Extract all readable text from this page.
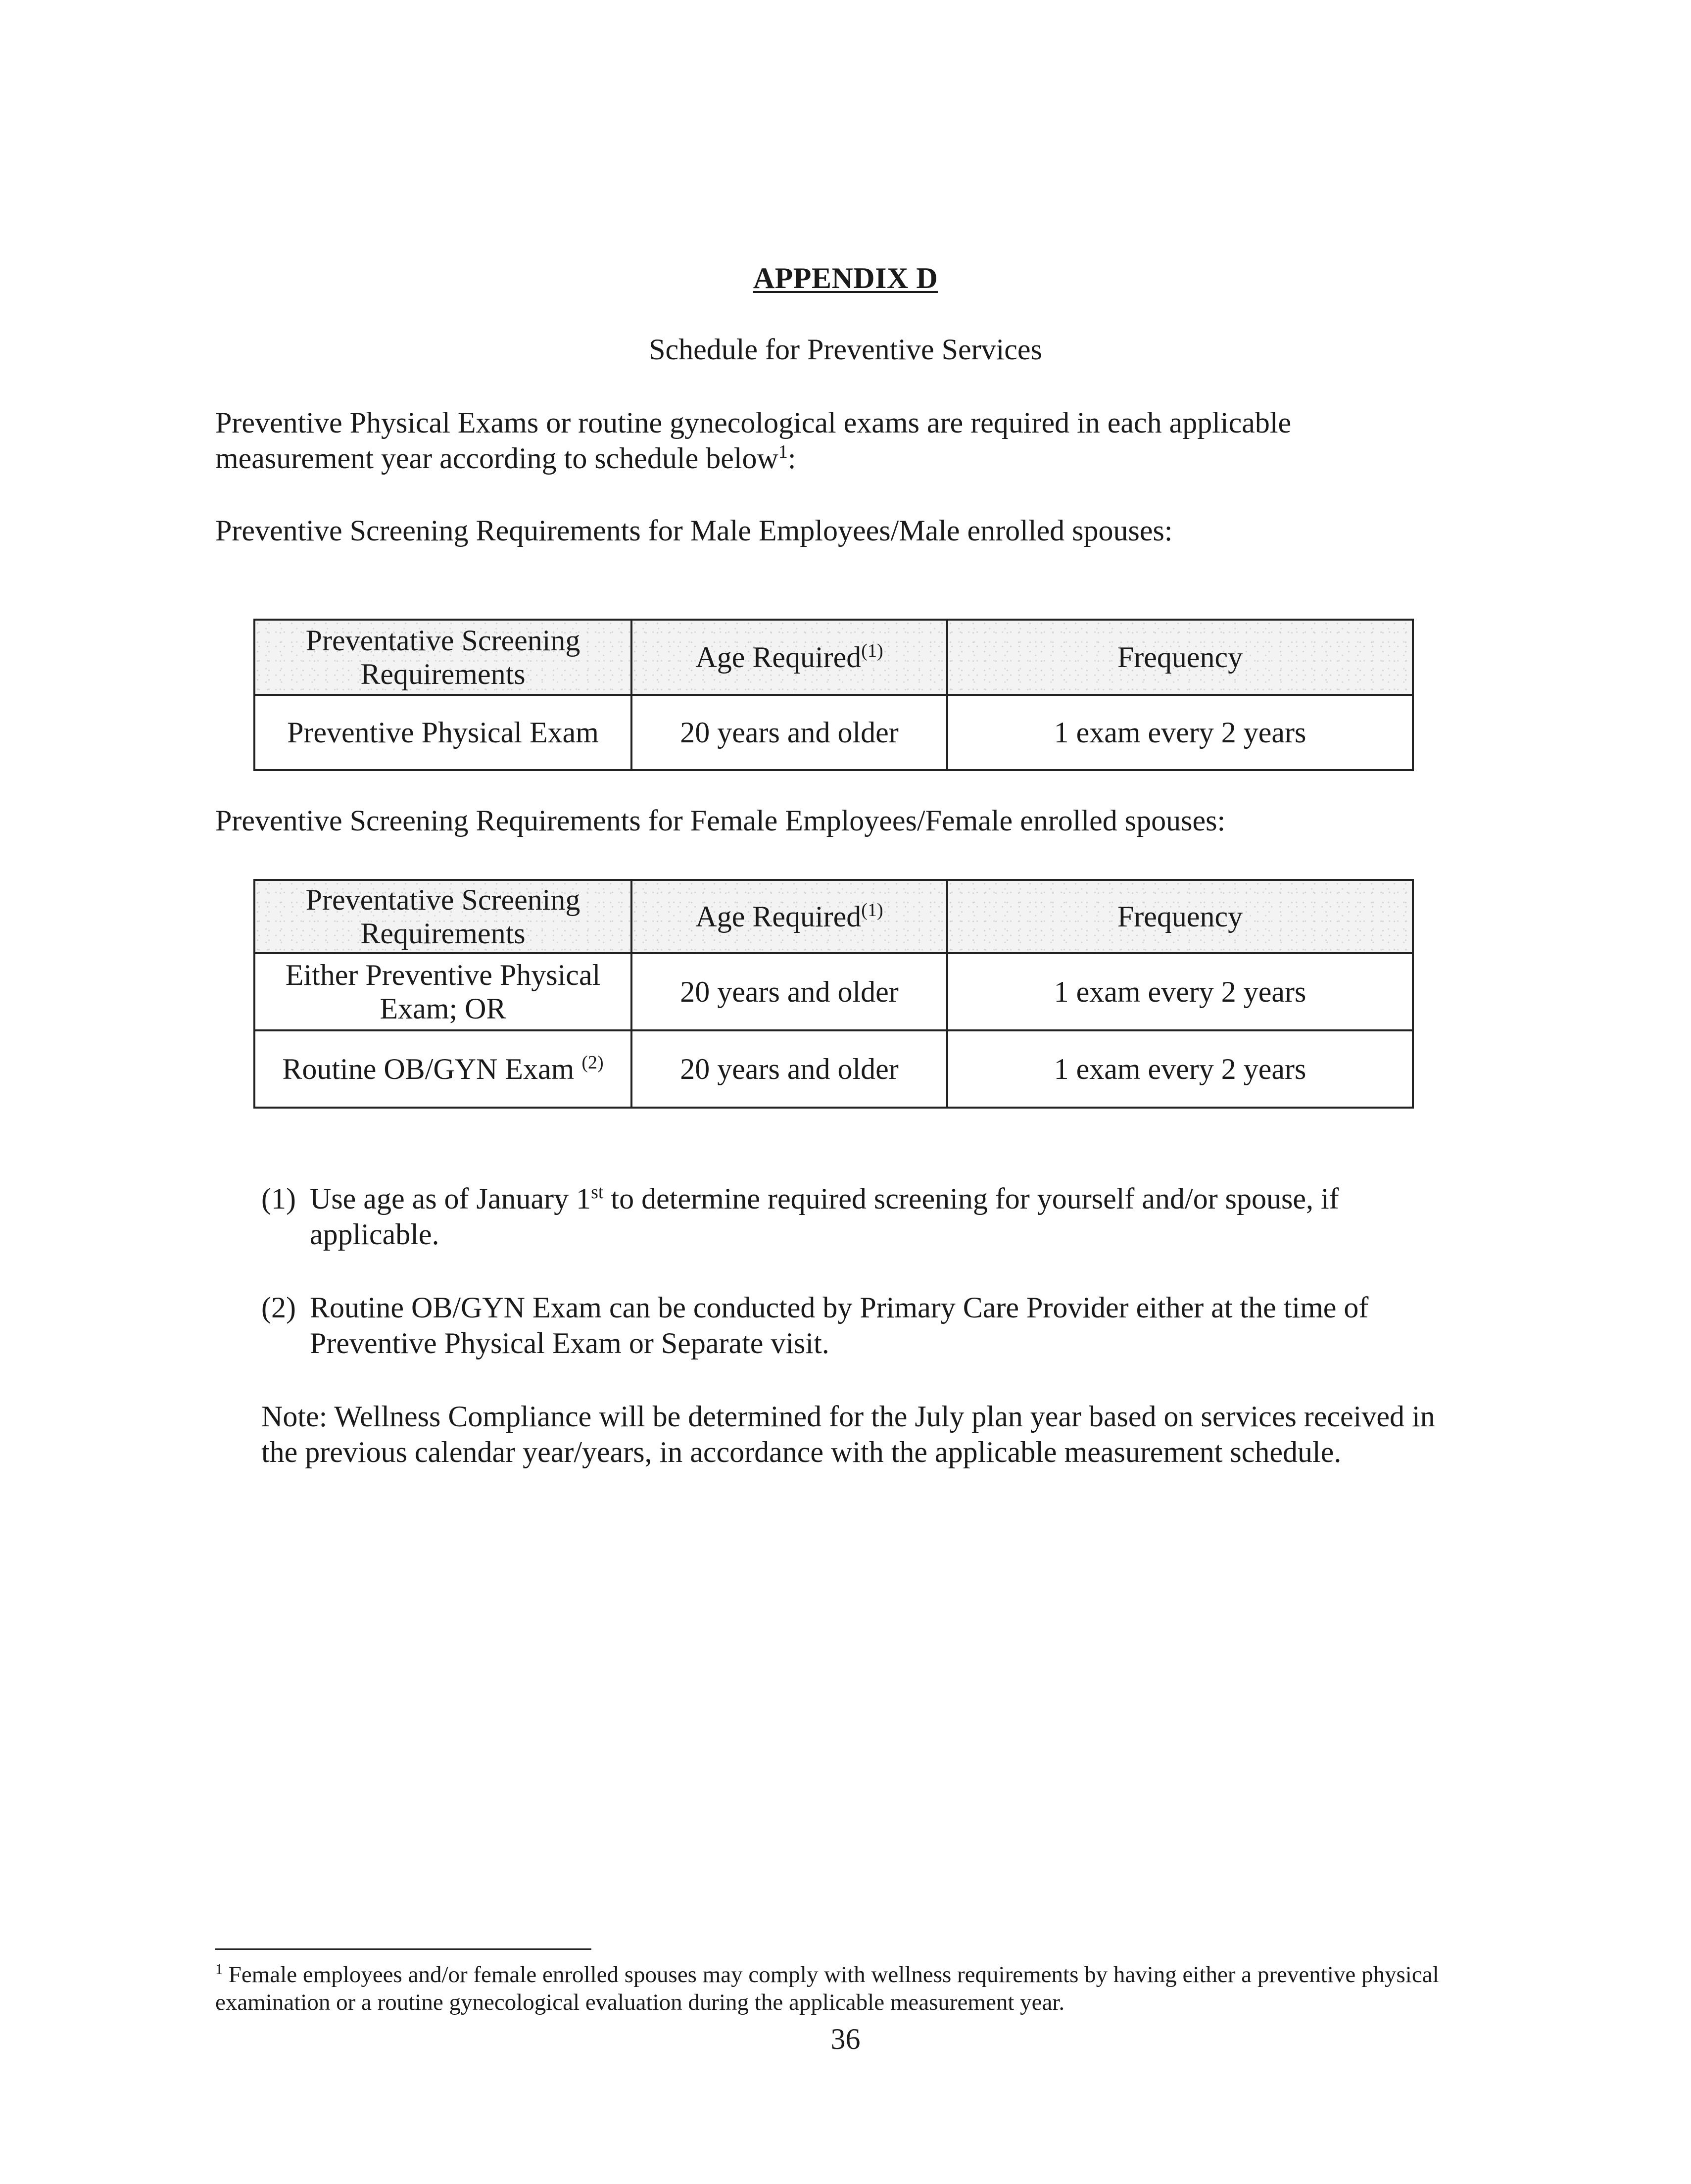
APPENDIX D
Schedule for Preventive Services

Preventive Physical Exams or routine gynecological exams are required in each applicable measurement year according to schedule below$^1$:

Preventive Screening Requirements for Male Employees/Male enrolled spouses:

Preventative Screening Requirements	Age Required$^{(1)}$	Frequency
Preventive Physical Exam	20 years and older	1 exam every 2 years

Preventive Screening Requirements for Female Employees/Female enrolled spouses:

Preventative Screening Requirements	Age Required$^{(1)}$	Frequency
Either Preventive Physical Exam; OR	20 years and older	1 exam every 2 years
Routine OB/GYN Exam $^{(2)}$	20 years and older	1 exam every 2 years
(1) Use age as of January 1st to determine required screening for yourself and/or spouse, if applicable.
(2) Routine OB/GYN Exam can be conducted by Primary Care Provider either at the time of Preventive Physical Exam or Separate visit.
Note: Wellness Compliance will be determined for the July plan year based on services received in the previous calendar year/years, in accordance with the applicable measurement schedule.
$^1$ Female employees and/or female enrolled spouses may comply with wellness requirements by having either a preventive physical examination or a routine gynecological evaluation during the applicable measurement year.
36
